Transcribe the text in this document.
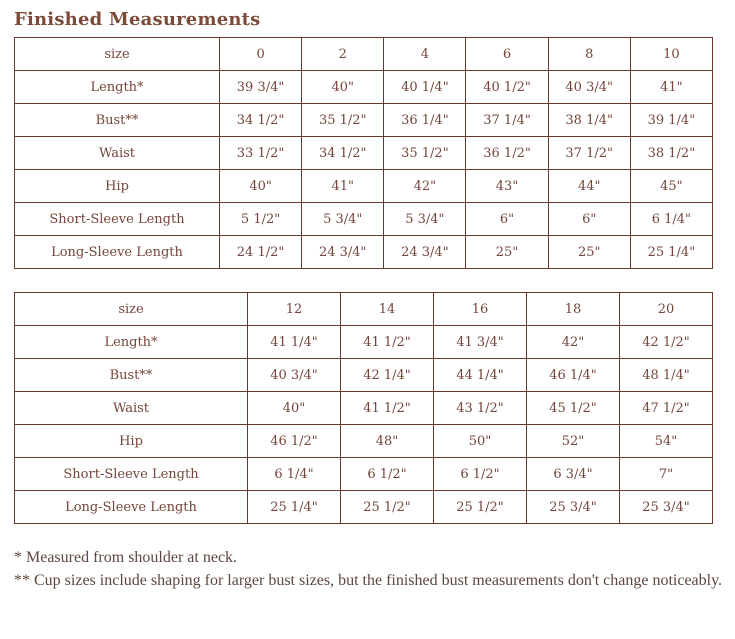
Finished Measurements
size	0	2	4	6	8	10
Length*	39 3/4"	40"	40 1/4"	40 1/2"	40 3/4"	41"
Bust**	34 1/2"	35 1/2"	36 1/4"	37 1/4"	38 1/4"	39 1/4"
Waist	33 1/2"	34 1/2"	35 1/2"	36 1/2"	37 1/2"	38 1/2"
Hip	40"	41"	42"	43"	44"	45"
Short-Sleeve Length	5 1/2"	5 3/4"	5 3/4"	6"	6"	6 1/4"
Long-Sleeve Length	24 1/2"	24 3/4"	24 3/4"	25"	25"	25 1/4"
size	12	14	16	18	20
Length*	41 1/4"	41 1/2"	41 3/4"	42"	42 1/2"
Bust**	40 3/4"	42 1/4"	44 1/4"	46 1/4"	48 1/4"
Waist	40"	41 1/2"	43 1/2"	45 1/2"	47 1/2"
Hip	46 1/2"	48"	50"	52"	54"
Short-Sleeve Length	6 1/4"	6 1/2"	6 1/2"	6 3/4"	7"
Long-Sleeve Length	25 1/4"	25 1/2"	25 1/2"	25 3/4"	25 3/4"

* Measured from shoulder at neck.

** Cup sizes include shaping for larger bust sizes, but the finished bust measurements don't change noticeably.
